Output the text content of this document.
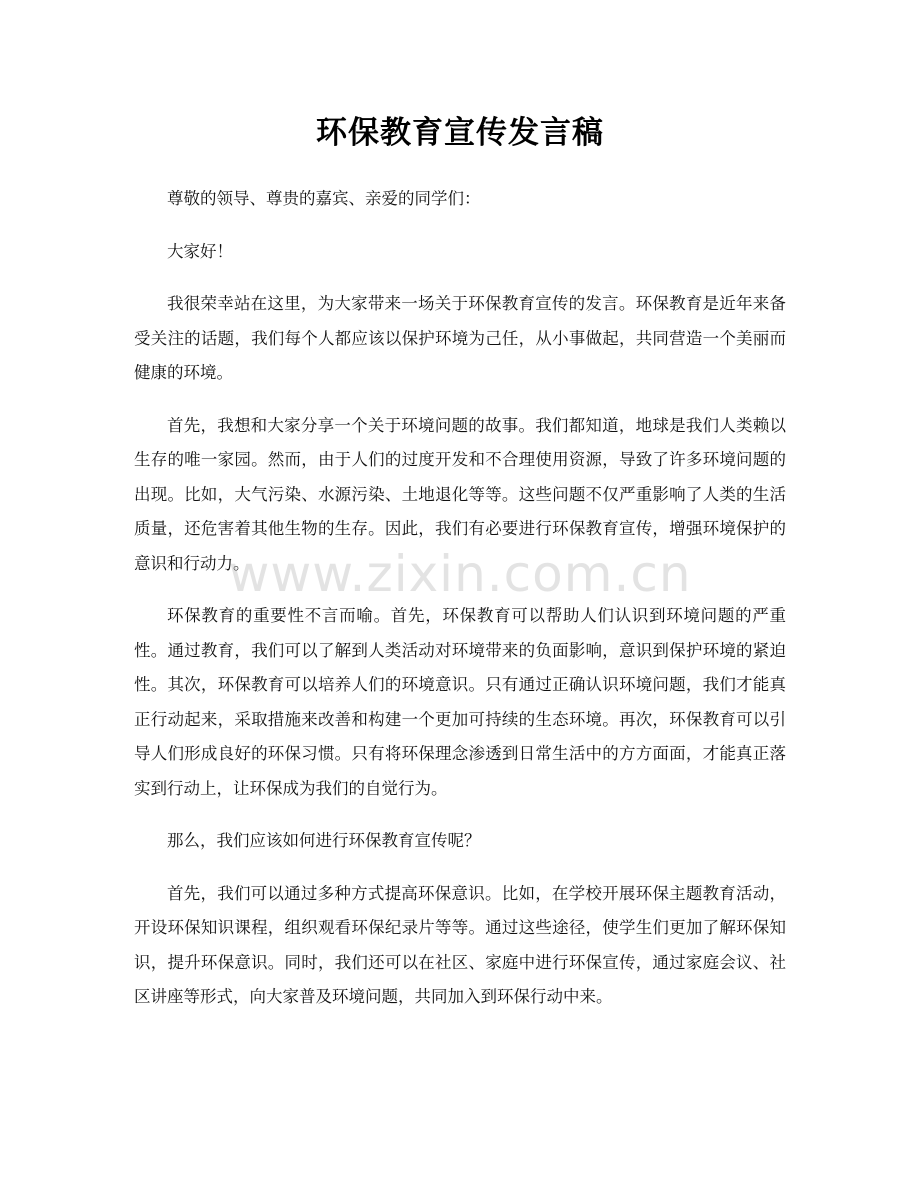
环保教育宣传发言稿

尊敬的领导、尊贵的嘉宾、亲爱的同学们：

大家好！

我很荣幸站在这里，为大家带来一场关于环保教育宣传的发言。环保教育是近年来备受关注的话题，我们每个人都应该以保护环境为己任，从小事做起，共同营造一个美丽而健康的环境。

首先，我想和大家分享一个关于环境问题的故事。我们都知道，地球是我们人类赖以生存的唯一家园。然而，由于人们的过度开发和不合理使用资源，导致了许多环境问题的出现。比如，大气污染、水源污染、土地退化等等。这些问题不仅严重影响了人类的生活质量，还危害着其他生物的生存。因此，我们有必要进行环保教育宣传，增强环境保护的意识和行动力。

环保教育的重要性不言而喻。首先，环保教育可以帮助人们认识到环境问题的严重性。通过教育，我们可以了解到人类活动对环境带来的负面影响，意识到保护环境的紧迫性。其次，环保教育可以培养人们的环境意识。只有通过正确认识环境问题，我们才能真正行动起来，采取措施来改善和构建一个更加可持续的生态环境。再次，环保教育可以引导人们形成良好的环保习惯。只有将环保理念渗透到日常生活中的方方面面，才能真正落实到行动上，让环保成为我们的自觉行为。

那么，我们应该如何进行环保教育宣传呢？

首先，我们可以通过多种方式提高环保意识。比如，在学校开展环保主题教育活动，开设环保知识课程，组织观看环保纪录片等等。通过这些途径，使学生们更加了解环保知识，提升环保意识。同时，我们还可以在社区、家庭中进行环保宣传，通过家庭会议、社区讲座等形式，向大家普及环境问题，共同加入到环保行动中来。

www.zixin.com.cn
